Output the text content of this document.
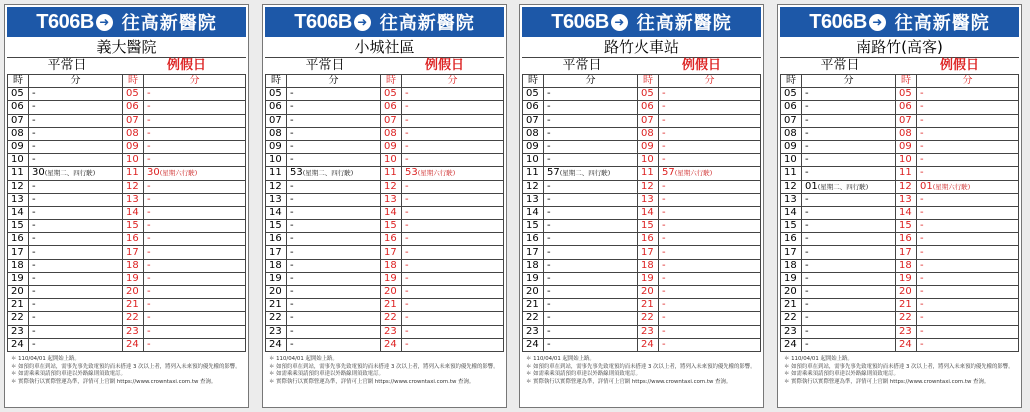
T606B ➜ 往高新醫院
義大醫院
平常日	例假日
時	分	時	分
05	-	05	-
06	-	06	-
07	-	07	-
08	-	08	-
09	-	09	-
10	-	10	-
11	30(星期二、四行駛)	11	30(星期六行駛)
12	-	12	-
13	-	13	-
14	-	14	-
15	-	15	-
16	-	16	-
17	-	17	-
18	-	18	-
19	-	19	-
20	-	20	-
21	-	21	-
22	-	22	-
23	-	23	-
24	-	24	-
＊ 110/04/01 起開始上路。
＊ 如預約車在到站，需事先事先致電預約而未搭達 3 次以上者，將列入未來預約優先權的影響。
＊ 如需乘乘須請預約車達以外路線則須致電訂。
＊ 實際執行以實際營運為準，詳情可上官網 https://www.crowntaxi.com.tw 查詢。
T606B ➜ 往高新醫院
小城社區
平常日	例假日
時	分	時	分
05	-	05	-
06	-	06	-
07	-	07	-
08	-	08	-
09	-	09	-
10	-	10	-
11	53(星期二、四行駛)	11	53(星期六行駛)
12	-	12	-
13	-	13	-
14	-	14	-
15	-	15	-
16	-	16	-
17	-	17	-
18	-	18	-
19	-	19	-
20	-	20	-
21	-	21	-
22	-	22	-
23	-	23	-
24	-	24	-
＊ 110/04/01 起開始上路。
＊ 如預約車在到站，需事先事先致電預約而未搭達 3 次以上者，將列入未來預約優先權的影響。
＊ 如需乘乘須請預約車達以外路線則須致電訂。
＊ 實際執行以實際營運為準，詳情可上官網 https://www.crowntaxi.com.tw 查詢。
T606B ➜ 往高新醫院
路竹火車站
平常日	例假日
時	分	時	分
05	-	05	-
06	-	06	-
07	-	07	-
08	-	08	-
09	-	09	-
10	-	10	-
11	57(星期二、四行駛)	11	57(星期六行駛)
12	-	12	-
13	-	13	-
14	-	14	-
15	-	15	-
16	-	16	-
17	-	17	-
18	-	18	-
19	-	19	-
20	-	20	-
21	-	21	-
22	-	22	-
23	-	23	-
24	-	24	-
＊ 110/04/01 起開始上路。
＊ 如預約車在到站，需事先事先致電預約而未搭達 3 次以上者，將列入未來預約優先權的影響。
＊ 如需乘乘須請預約車達以外路線則須致電訂。
＊ 實際執行以實際營運為準，詳情可上官網 https://www.crowntaxi.com.tw 查詢。
T606B ➜ 往高新醫院
南路竹(高客)
平常日	例假日
時	分	時	分
05	-	05	-
06	-	06	-
07	-	07	-
08	-	08	-
09	-	09	-
10	-	10	-
11	-	11	-
12	01(星期二、四行駛)	12	01(星期六行駛)
13	-	13	-
14	-	14	-
15	-	15	-
16	-	16	-
17	-	17	-
18	-	18	-
19	-	19	-
20	-	20	-
21	-	21	-
22	-	22	-
23	-	23	-
24	-	24	-
＊ 110/04/01 起開始上路。
＊ 如預約車在到站，需事先事先致電預約而未搭達 3 次以上者，將列入未來預約優先權的影響。
＊ 如需乘乘須請預約車達以外路線則須致電訂。
＊ 實際執行以實際營運為準，詳情可上官網 https://www.crowntaxi.com.tw 查詢。
